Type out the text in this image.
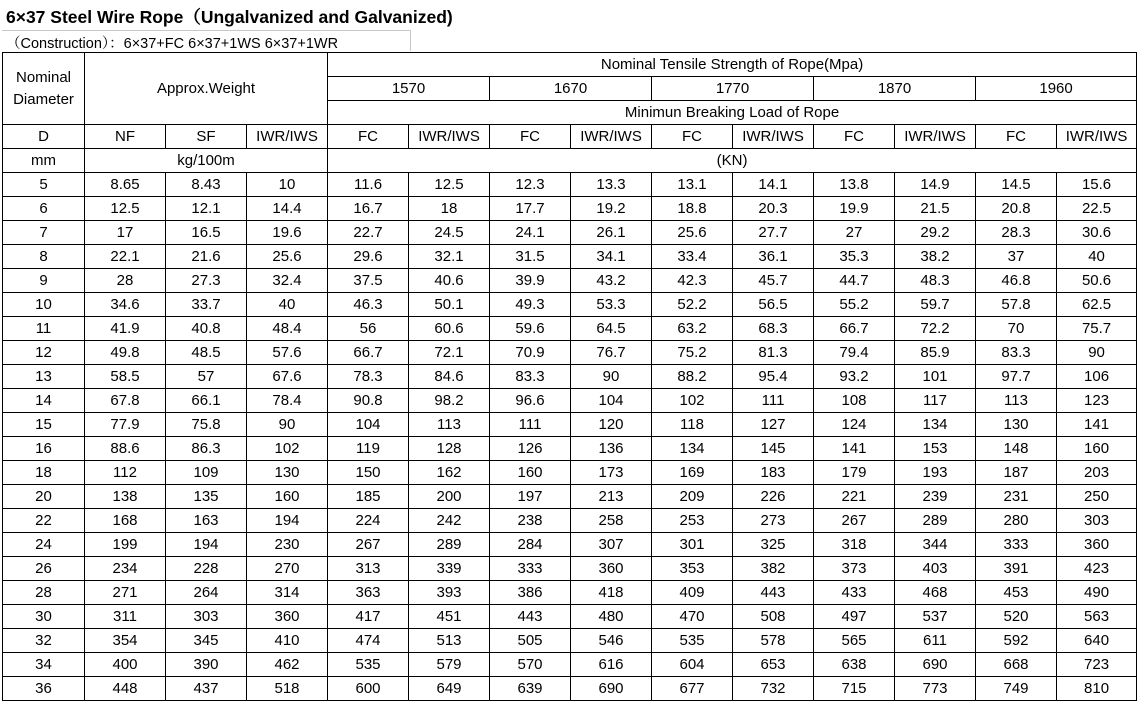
6×37 Steel Wire Rope（Ungalvanized and Galvanized)
（Construction）：6×37+FC 6×37+1WS 6×37+1WR
Nominal Diameter	Approx.Weight			Nominal Tensile Strength of Rope(Mpa)									
				1570		1670		1770		1870		1960	
				Minimun Breaking Load of Rope									
D	NF	SF	IWR/IWS	FC	IWR/IWS	FC	IWR/IWS	FC	IWR/IWS	FC	IWR/IWS	FC	IWR/IWS
mm	kg/100m			(KN)									
5	8.65	8.43	10	11.6	12.5	12.3	13.3	13.1	14.1	13.8	14.9	14.5	15.6
6	12.5	12.1	14.4	16.7	18	17.7	19.2	18.8	20.3	19.9	21.5	20.8	22.5
7	17	16.5	19.6	22.7	24.5	24.1	26.1	25.6	27.7	27	29.2	28.3	30.6
8	22.1	21.6	25.6	29.6	32.1	31.5	34.1	33.4	36.1	35.3	38.2	37	40
9	28	27.3	32.4	37.5	40.6	39.9	43.2	42.3	45.7	44.7	48.3	46.8	50.6
10	34.6	33.7	40	46.3	50.1	49.3	53.3	52.2	56.5	55.2	59.7	57.8	62.5
11	41.9	40.8	48.4	56	60.6	59.6	64.5	63.2	68.3	66.7	72.2	70	75.7
12	49.8	48.5	57.6	66.7	72.1	70.9	76.7	75.2	81.3	79.4	85.9	83.3	90
13	58.5	57	67.6	78.3	84.6	83.3	90	88.2	95.4	93.2	101	97.7	106
14	67.8	66.1	78.4	90.8	98.2	96.6	104	102	111	108	117	113	123
15	77.9	75.8	90	104	113	111	120	118	127	124	134	130	141
16	88.6	86.3	102	119	128	126	136	134	145	141	153	148	160
18	112	109	130	150	162	160	173	169	183	179	193	187	203
20	138	135	160	185	200	197	213	209	226	221	239	231	250
22	168	163	194	224	242	238	258	253	273	267	289	280	303
24	199	194	230	267	289	284	307	301	325	318	344	333	360
26	234	228	270	313	339	333	360	353	382	373	403	391	423
28	271	264	314	363	393	386	418	409	443	433	468	453	490
30	311	303	360	417	451	443	480	470	508	497	537	520	563
32	354	345	410	474	513	505	546	535	578	565	611	592	640
34	400	390	462	535	579	570	616	604	653	638	690	668	723
36	448	437	518	600	649	639	690	677	732	715	773	749	810
